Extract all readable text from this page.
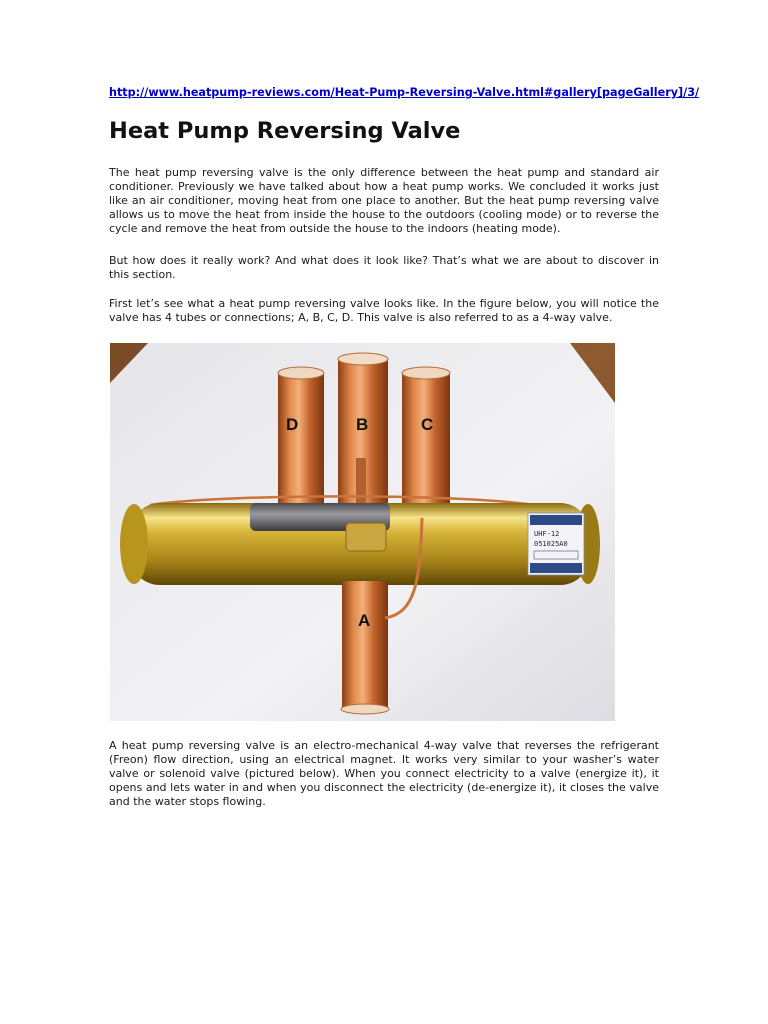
http://www.heatpump-reviews.com/Heat-Pump-Reversing-Valve.html#gallery[pageGallery]/3/
Heat Pump Reversing Valve

The heat pump reversing valve is the only difference between the heat pump and standard air conditioner. Previously we have talked about how a heat pump works. We concluded it works just like an air conditioner, moving heat from one place to another. But the heat pump reversing valve allows us to move the heat from inside the house to the outdoors (cooling mode) or to reverse the cycle and remove the heat from outside the house to the indoors (heating mode).

But how does it really work? And what does it look like? That’s what we are about to discover in this section.

First let’s see what a heat pump reversing valve looks like. In the figure below, you will notice the valve has 4 tubes or connections; A, B, C, D. This valve is also referred to as a 4-way valve.

A heat pump reversing valve is an electro-mechanical 4-way valve that reverses the refrigerant (Freon) flow direction, using an electrical magnet. It works very similar to your washer’s water valve or solenoid valve (pictured below). When you connect electricity to a valve (energize it), it opens and lets water in and when you disconnect the electricity (de-energize it), it closes the valve and the water stops flowing.

UHF-12
051025A0
D	B	C
A
